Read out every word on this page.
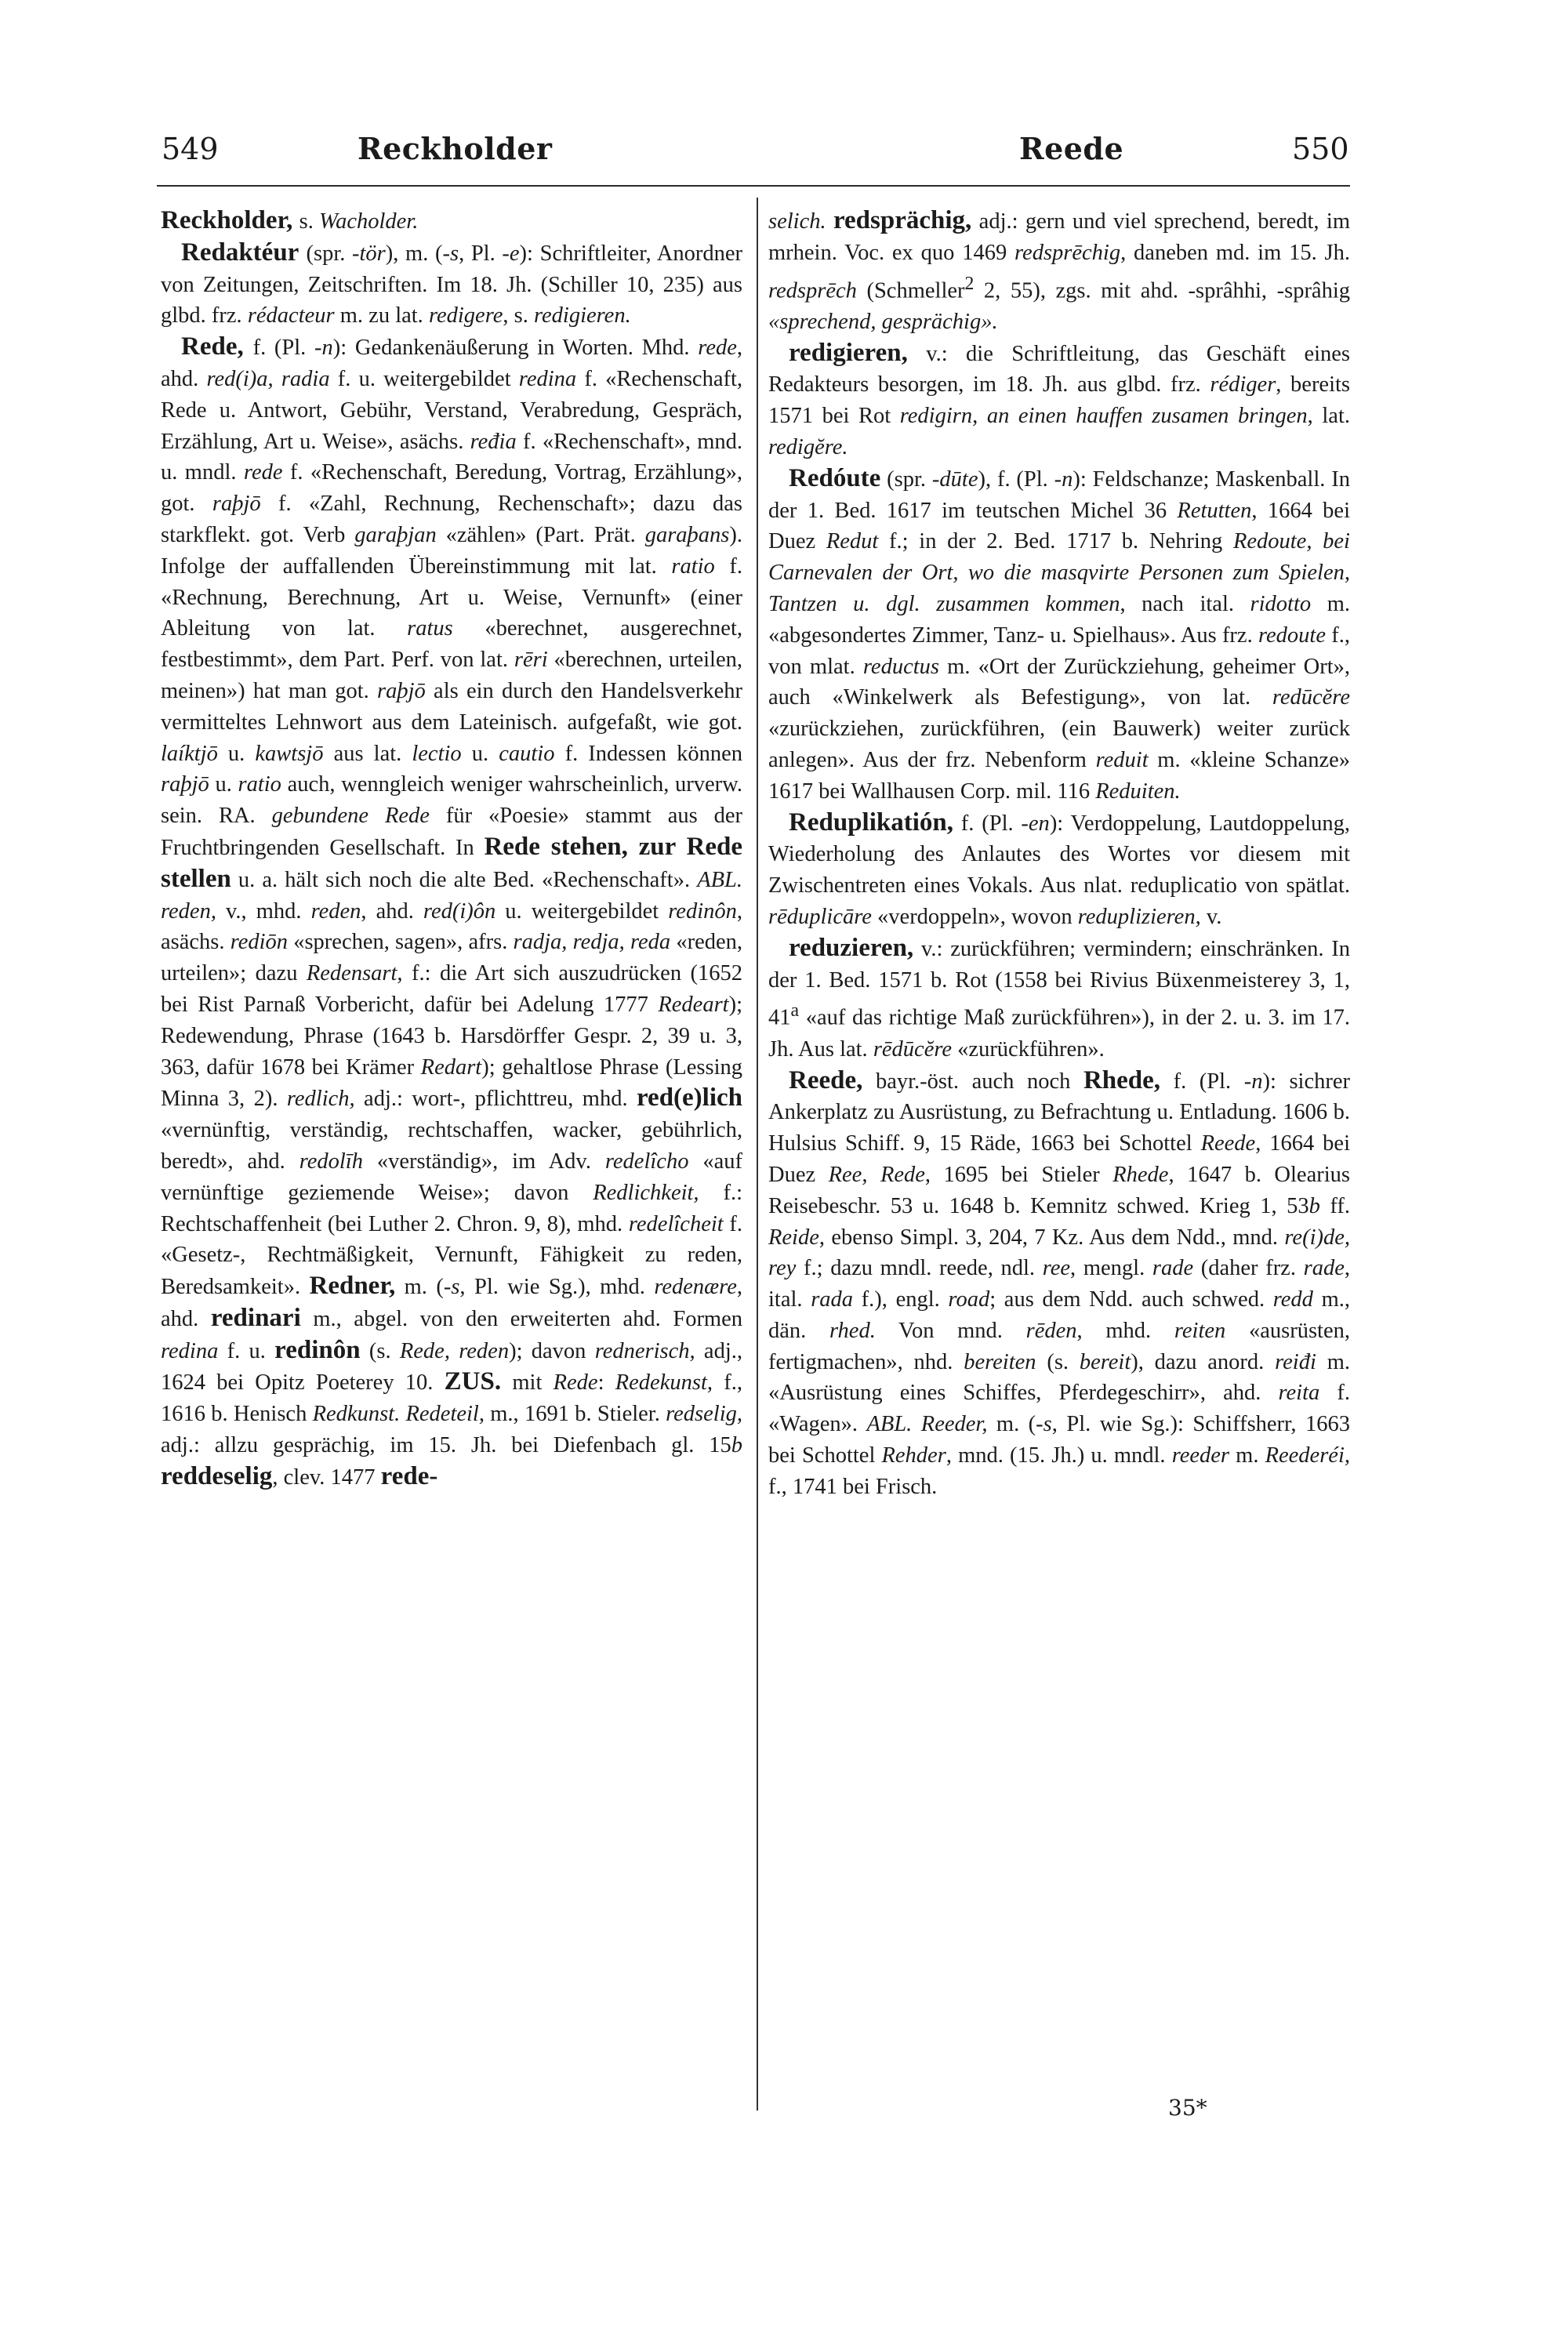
549	Reckholder	Reede	550

Reckholder, s. Wacholder.

Redaktéur (spr. -tör), m. (-s, Pl. -e): Schriftleiter, Anordner von Zeitungen, Zeitschriften. Im 18. Jh. (Schiller 10, 235) aus glbd. frz. rédacteur m. zu lat. redigere, s. redigieren.

Rede, f. (Pl. -n): Gedankenäußerung in Worten. Mhd. rede, ahd. red(i)a, radia f. u. weitergebildet redina f. «Rechenschaft, Rede u. Antwort, Gebühr, Verstand, Verabredung, Gespräch, Erzählung, Art u. Weise», asächs. ređia f. «Rechenschaft», mnd. u. mndl. rede f. «Rechenschaft, Beredung, Vortrag, Erzählung», got. raþjō f. «Zahl, Rechnung, Rechenschaft»; dazu das starkflekt. got. Verb garaþjan «zählen» (Part. Prät. garaþans). Infolge der auffallenden Übereinstimmung mit lat. ratio f. «Rechnung, Berechnung, Art u. Weise, Vernunft» (einer Ableitung von lat. ratus «berechnet, ausgerechnet, festbestimmt», dem Part. Perf. von lat. rēri «berechnen, urteilen, meinen») hat man got. raþjō als ein durch den Handelsverkehr vermitteltes Lehnwort aus dem Lateinisch. aufgefaßt, wie got. laíktjō u. kawtsjō aus lat. lectio u. cautio f. Indessen können raþjō u. ratio auch, wenngleich weniger wahrscheinlich, urverw. sein. RA. gebundene Rede für «Poesie» stammt aus der Fruchtbringenden Gesellschaft. In Rede stehen, zur Rede stellen u. a. hält sich noch die alte Bed. «Rechenschaft». ABL. reden, v., mhd. reden, ahd. red(i)ôn u. weitergebildet redinôn, asächs. rediōn «sprechen, sagen», afrs. radja, redja, reda «reden, urteilen»; dazu Redensart, f.: die Art sich auszudrücken (1652 bei Rist Parnaß Vorbericht, dafür bei Adelung 1777 Redeart); Redewendung, Phrase (1643 b. Harsdörffer Gespr. 2, 39 u. 3, 363, dafür 1678 bei Krämer Redart); gehaltlose Phrase (Lessing Minna 3, 2). redlich, adj.: wort-, pflichttreu, mhd. red(e)lich «vernünftig, verständig, rechtschaffen, wacker, gebührlich, beredt», ahd. redolīh «verständig», im Adv. redelîcho «auf vernünftige geziemende Weise»; davon Redlichkeit, f.: Rechtschaffenheit (bei Luther 2. Chron. 9, 8), mhd. redelîcheit f. «Gesetz-, Rechtmäßigkeit, Vernunft, Fähigkeit zu reden, Beredsamkeit». Redner, m. (-s, Pl. wie Sg.), mhd. redenære, ahd. redinari m., abgel. von den erweiterten ahd. Formen redina f. u. redinôn (s. Rede, reden); davon rednerisch, adj., 1624 bei Opitz Poeterey 10. ZUS. mit Rede: Redekunst, f., 1616 b. Henisch Redkunst. Redeteil, m., 1691 b. Stieler. redselig, adj.: allzu gesprächig, im 15. Jh. bei Diefenbach gl. 15b reddeselig, clev. 1477 rede-

selich. redsprächig, adj.: gern und viel sprechend, beredt, im mrhein. Voc. ex quo 1469 redsprēchig, daneben md. im 15. Jh. redsprēch (Schmeller$^2$ 2, 55), zgs. mit ahd. -sprâhhi, -sprâhig «sprechend, gesprächig».

redigieren, v.: die Schriftleitung, das Geschäft eines Redakteurs besorgen, im 18. Jh. aus glbd. frz. rédiger, bereits 1571 bei Rot redigirn, an einen hauffen zusamen bringen, lat. redigĕre.

Redóute (spr. -dūte), f. (Pl. -n): Feldschanze; Maskenball. In der 1. Bed. 1617 im teutschen Michel 36 Retutten, 1664 bei Duez Redut f.; in der 2. Bed. 1717 b. Nehring Redoute, bei Carnevalen der Ort, wo die masqvirte Personen zum Spielen, Tantzen u. dgl. zusammen kommen, nach ital. ridotto m. «abgesondertes Zimmer, Tanz- u. Spielhaus». Aus frz. redoute f., von mlat. reductus m. «Ort der Zurückziehung, geheimer Ort», auch «Winkelwerk als Befestigung», von lat. redūcĕre «zurückziehen, zurückführen, (ein Bauwerk) weiter zurück anlegen». Aus der frz. Nebenform reduit m. «kleine Schanze» 1617 bei Wallhausen Corp. mil. 116 Reduiten.

Reduplikatión, f. (Pl. -en): Verdoppelung, Lautdoppelung, Wiederholung des Anlautes des Wortes vor diesem mit Zwischentreten eines Vokals. Aus nlat. reduplicatio von spätlat. rēduplicāre «verdoppeln», wovon reduplizieren, v.

reduzieren, v.: zurückführen; vermindern; einschränken. In der 1. Bed. 1571 b. Rot (1558 bei Rivius Büxenmeisterey 3, 1, 41$^a$ «auf das richtige Maß zurückführen»), in der 2. u. 3. im 17. Jh. Aus lat. rēdūcĕre «zurückführen».

Reede, bayr.-öst. auch noch Rhede, f. (Pl. -n): sichrer Ankerplatz zu Ausrüstung, zu Befrachtung u. Entladung. 1606 b. Hulsius Schiff. 9, 15 Räde, 1663 bei Schottel Reede, 1664 bei Duez Ree, Rede, 1695 bei Stieler Rhede, 1647 b. Olearius Reisebeschr. 53 u. 1648 b. Kemnitz schwed. Krieg 1, 53b ff. Reide, ebenso Simpl. 3, 204, 7 Kz. Aus dem Ndd., mnd. re(i)de, rey f.; dazu mndl. reede, ndl. ree, mengl. rade (daher frz. rade, ital. rada f.), engl. road; aus dem Ndd. auch schwed. redd m., dän. rhed. Von mnd. rēden, mhd. reiten «ausrüsten, fertigmachen», nhd. bereiten (s. bereit), dazu anord. reiđi m. «Ausrüstung eines Schiffes, Pferdegeschirr», ahd. reita f. «Wagen». ABL. Reeder, m. (-s, Pl. wie Sg.): Schiffsherr, 1663 bei Schottel Rehder, mnd. (15. Jh.) u. mndl. reeder m. Reederéi, f., 1741 bei Frisch.

35*
